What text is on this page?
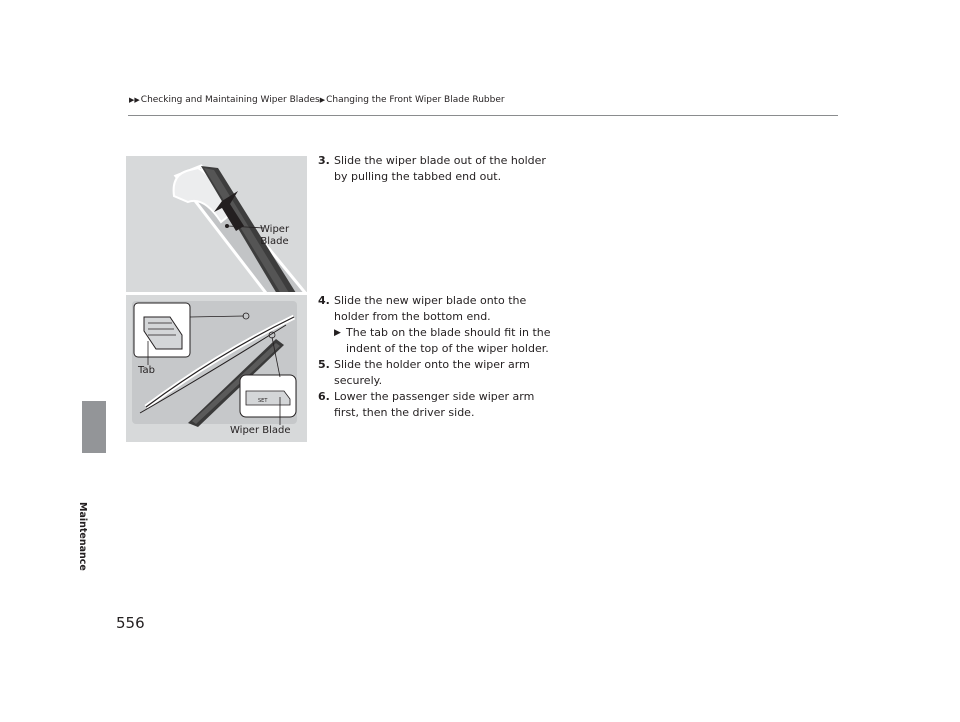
▶▶Checking and Maintaining Wiper Blades▶Changing the Front Wiper Blade Rubber
Maintenance
Wiper
Blade
SET
Tab
Wiper Blade
3. Slide the wiper blade out of the holder by pulling the tabbed end out.
4. Slide the new wiper blade onto the holder from the bottom end.
▶ The tab on the blade should fit in the indent of the top of the wiper holder.
5. Slide the holder onto the wiper arm securely.
6. Lower the passenger side wiper arm first, then the driver side.
556
